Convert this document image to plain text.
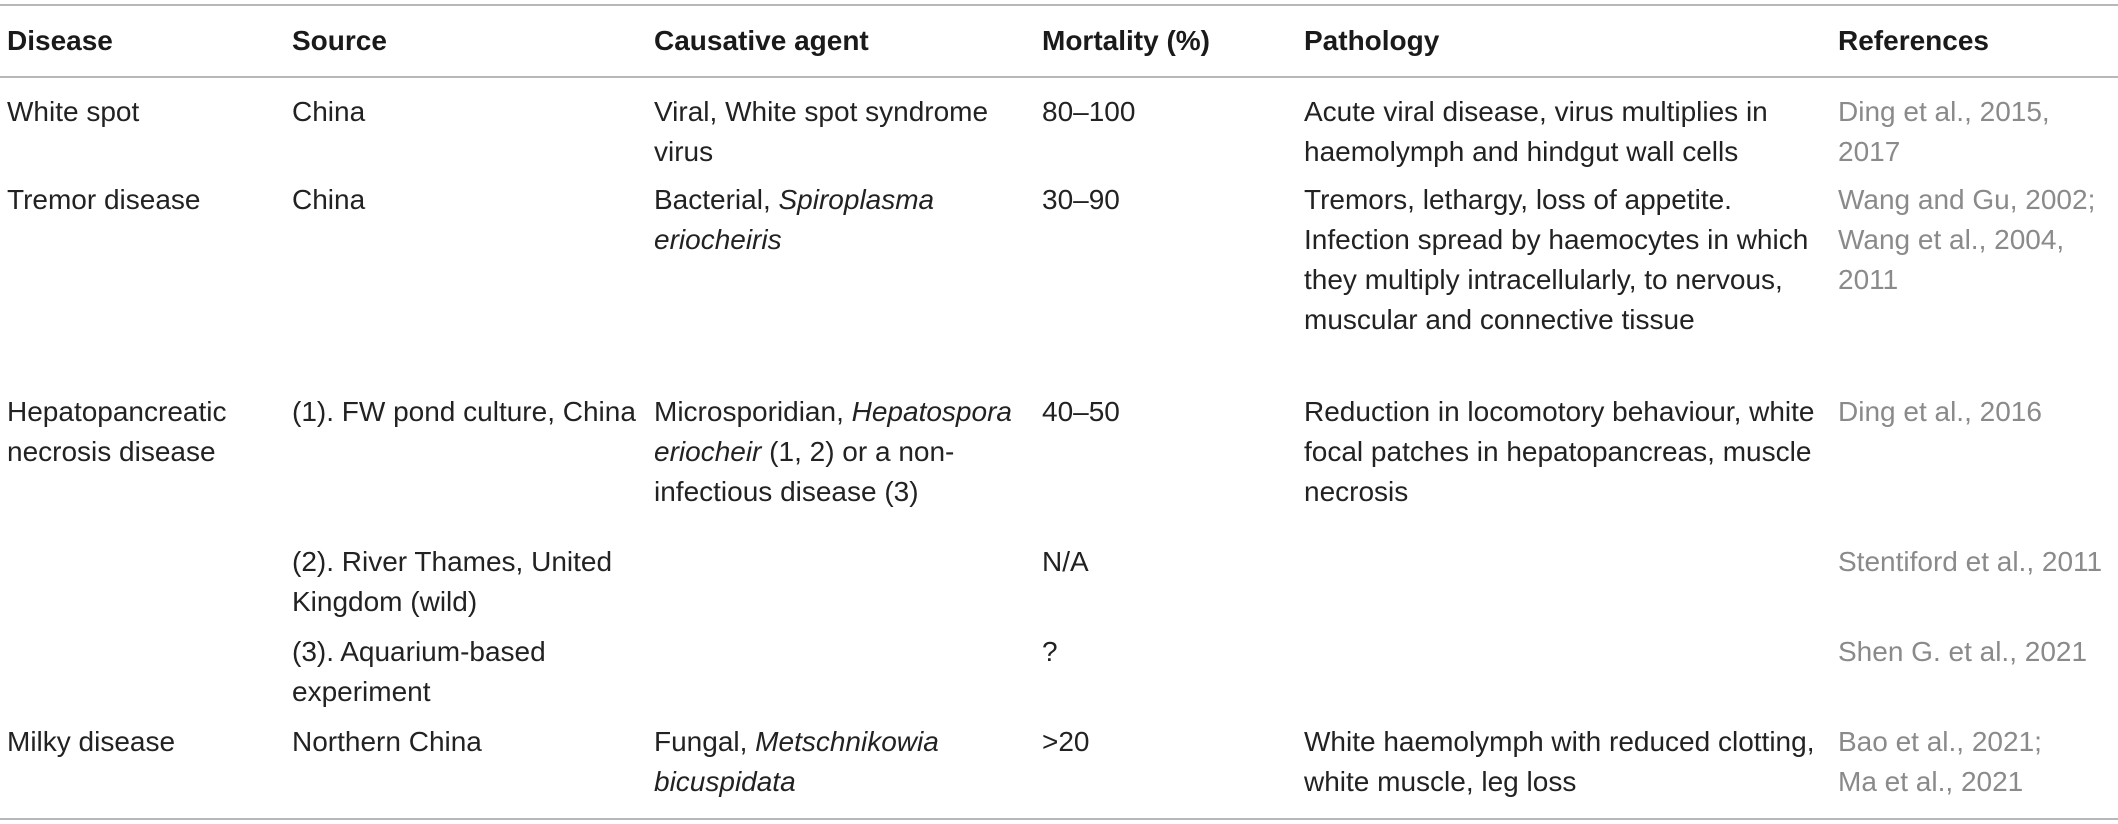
Disease	Source	Causative agent	Mortality (%)	Pathology	References
White spot	China	Viral, White spot syndrome virus	80–100	Acute viral disease, virus multiplies in haemolymph and hindgut wall cells	Ding et al., 2015, 2017
Tremor disease	China	Bacterial, Spiroplasma eriocheiris	30–90	Tremors, lethargy, loss of appetite. Infection spread by haemocytes in which they multiply intracellularly, to nervous, muscular and connective tissue	Wang and Gu, 2002;
Wang et al., 2004, 2011
Hepatopancreatic necrosis disease	(1). FW pond culture, China	Microsporidian, Hepatospora eriocheir (1, 2) or a non-infectious disease (3)	40–50	Reduction in locomotory behaviour, white focal patches in hepatopancreas, muscle necrosis	Ding et al., 2016
	(2). River Thames, United Kingdom (wild)		N/A		Stentiford et al., 2011
	(3). Aquarium-based experiment		?		Shen G. et al., 2021
Milky disease	Northern China	Fungal, Metschnikowia bicuspidata	>20	White haemolymph with reduced clotting, white muscle, leg loss	Bao et al., 2021;
Ma et al., 2021
